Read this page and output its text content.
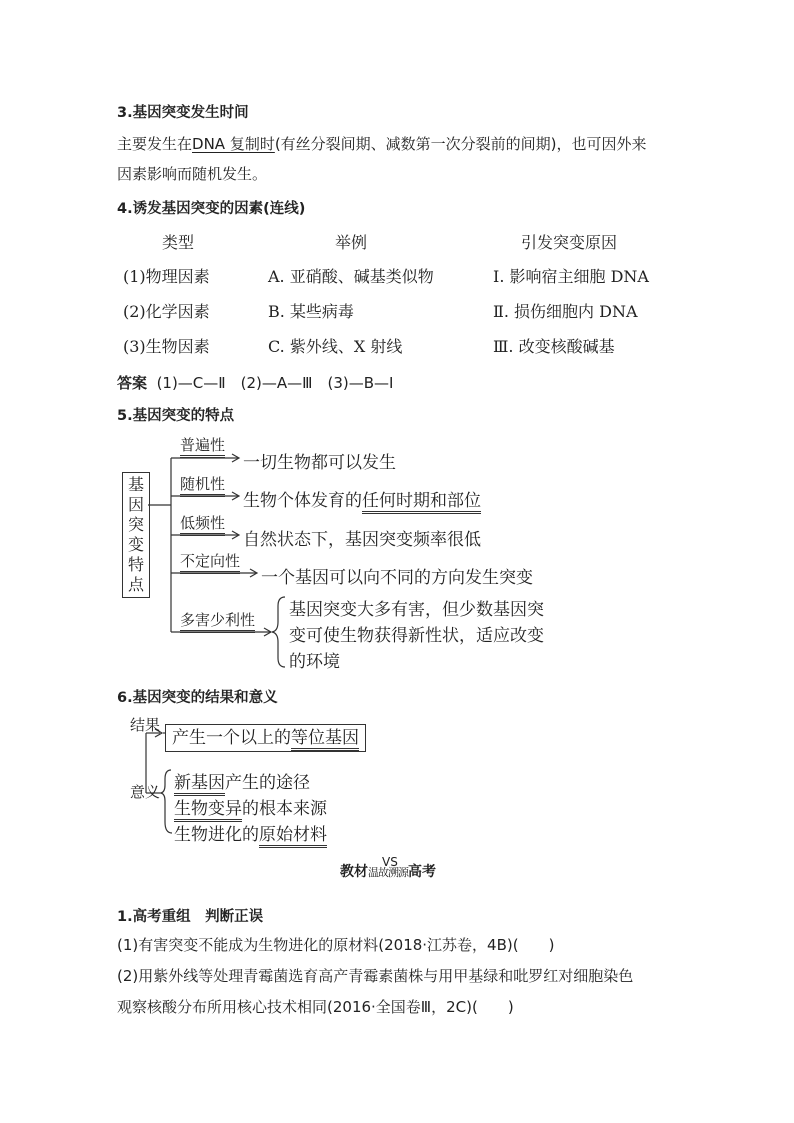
3.基因突变发生时间
主要发生在DNA 复制时(有丝分裂间期、减数第一次分裂前的间期)，也可因外来
因素影响而随机发生。
4.诱发基因突变的因素(连线)
类型	举例	引发突变原因
(1)物理因素	A. 亚硝酸、碱基类似物	Ⅰ. 影响宿主细胞 DNA
(2)化学因素	B. 某些病毒	Ⅱ. 损伤细胞内 DNA
(3)生物因素	C. 紫外线、X 射线	Ⅲ. 改变核酸碱基
答案 (1)—C—Ⅱ　(2)—A—Ⅲ　(3)—B—Ⅰ
5.基因突变的特点
基因突变特点
普遍性
一切生物都可以发生
随机性
生物个体发育的任何时期和部位
低频性
自然状态下，基因突变频率很低
不定向性
一个基因可以向不同的方向发生突变
多害少利性 基因突变大多有害，但少数基因突
变可使生物获得新性状，适应改变
的环境
6.基因突变的结果和意义
结果
产生一个以上的等位基因
意义 新基因产生的途径
生物变异的根本来源
生物进化的原始材料
教材
VS
温故溯源高考
1.高考重组　判断正误
(1)有害突变不能成为生物进化的原材料(2018·江苏卷，4B)(　　)
(2)用紫外线等处理青霉菌选育高产青霉素菌株与用甲基绿和吡罗红对细胞染色
观察核酸分布所用核心技术相同(2016·全国卷Ⅲ，2C)(　　)
